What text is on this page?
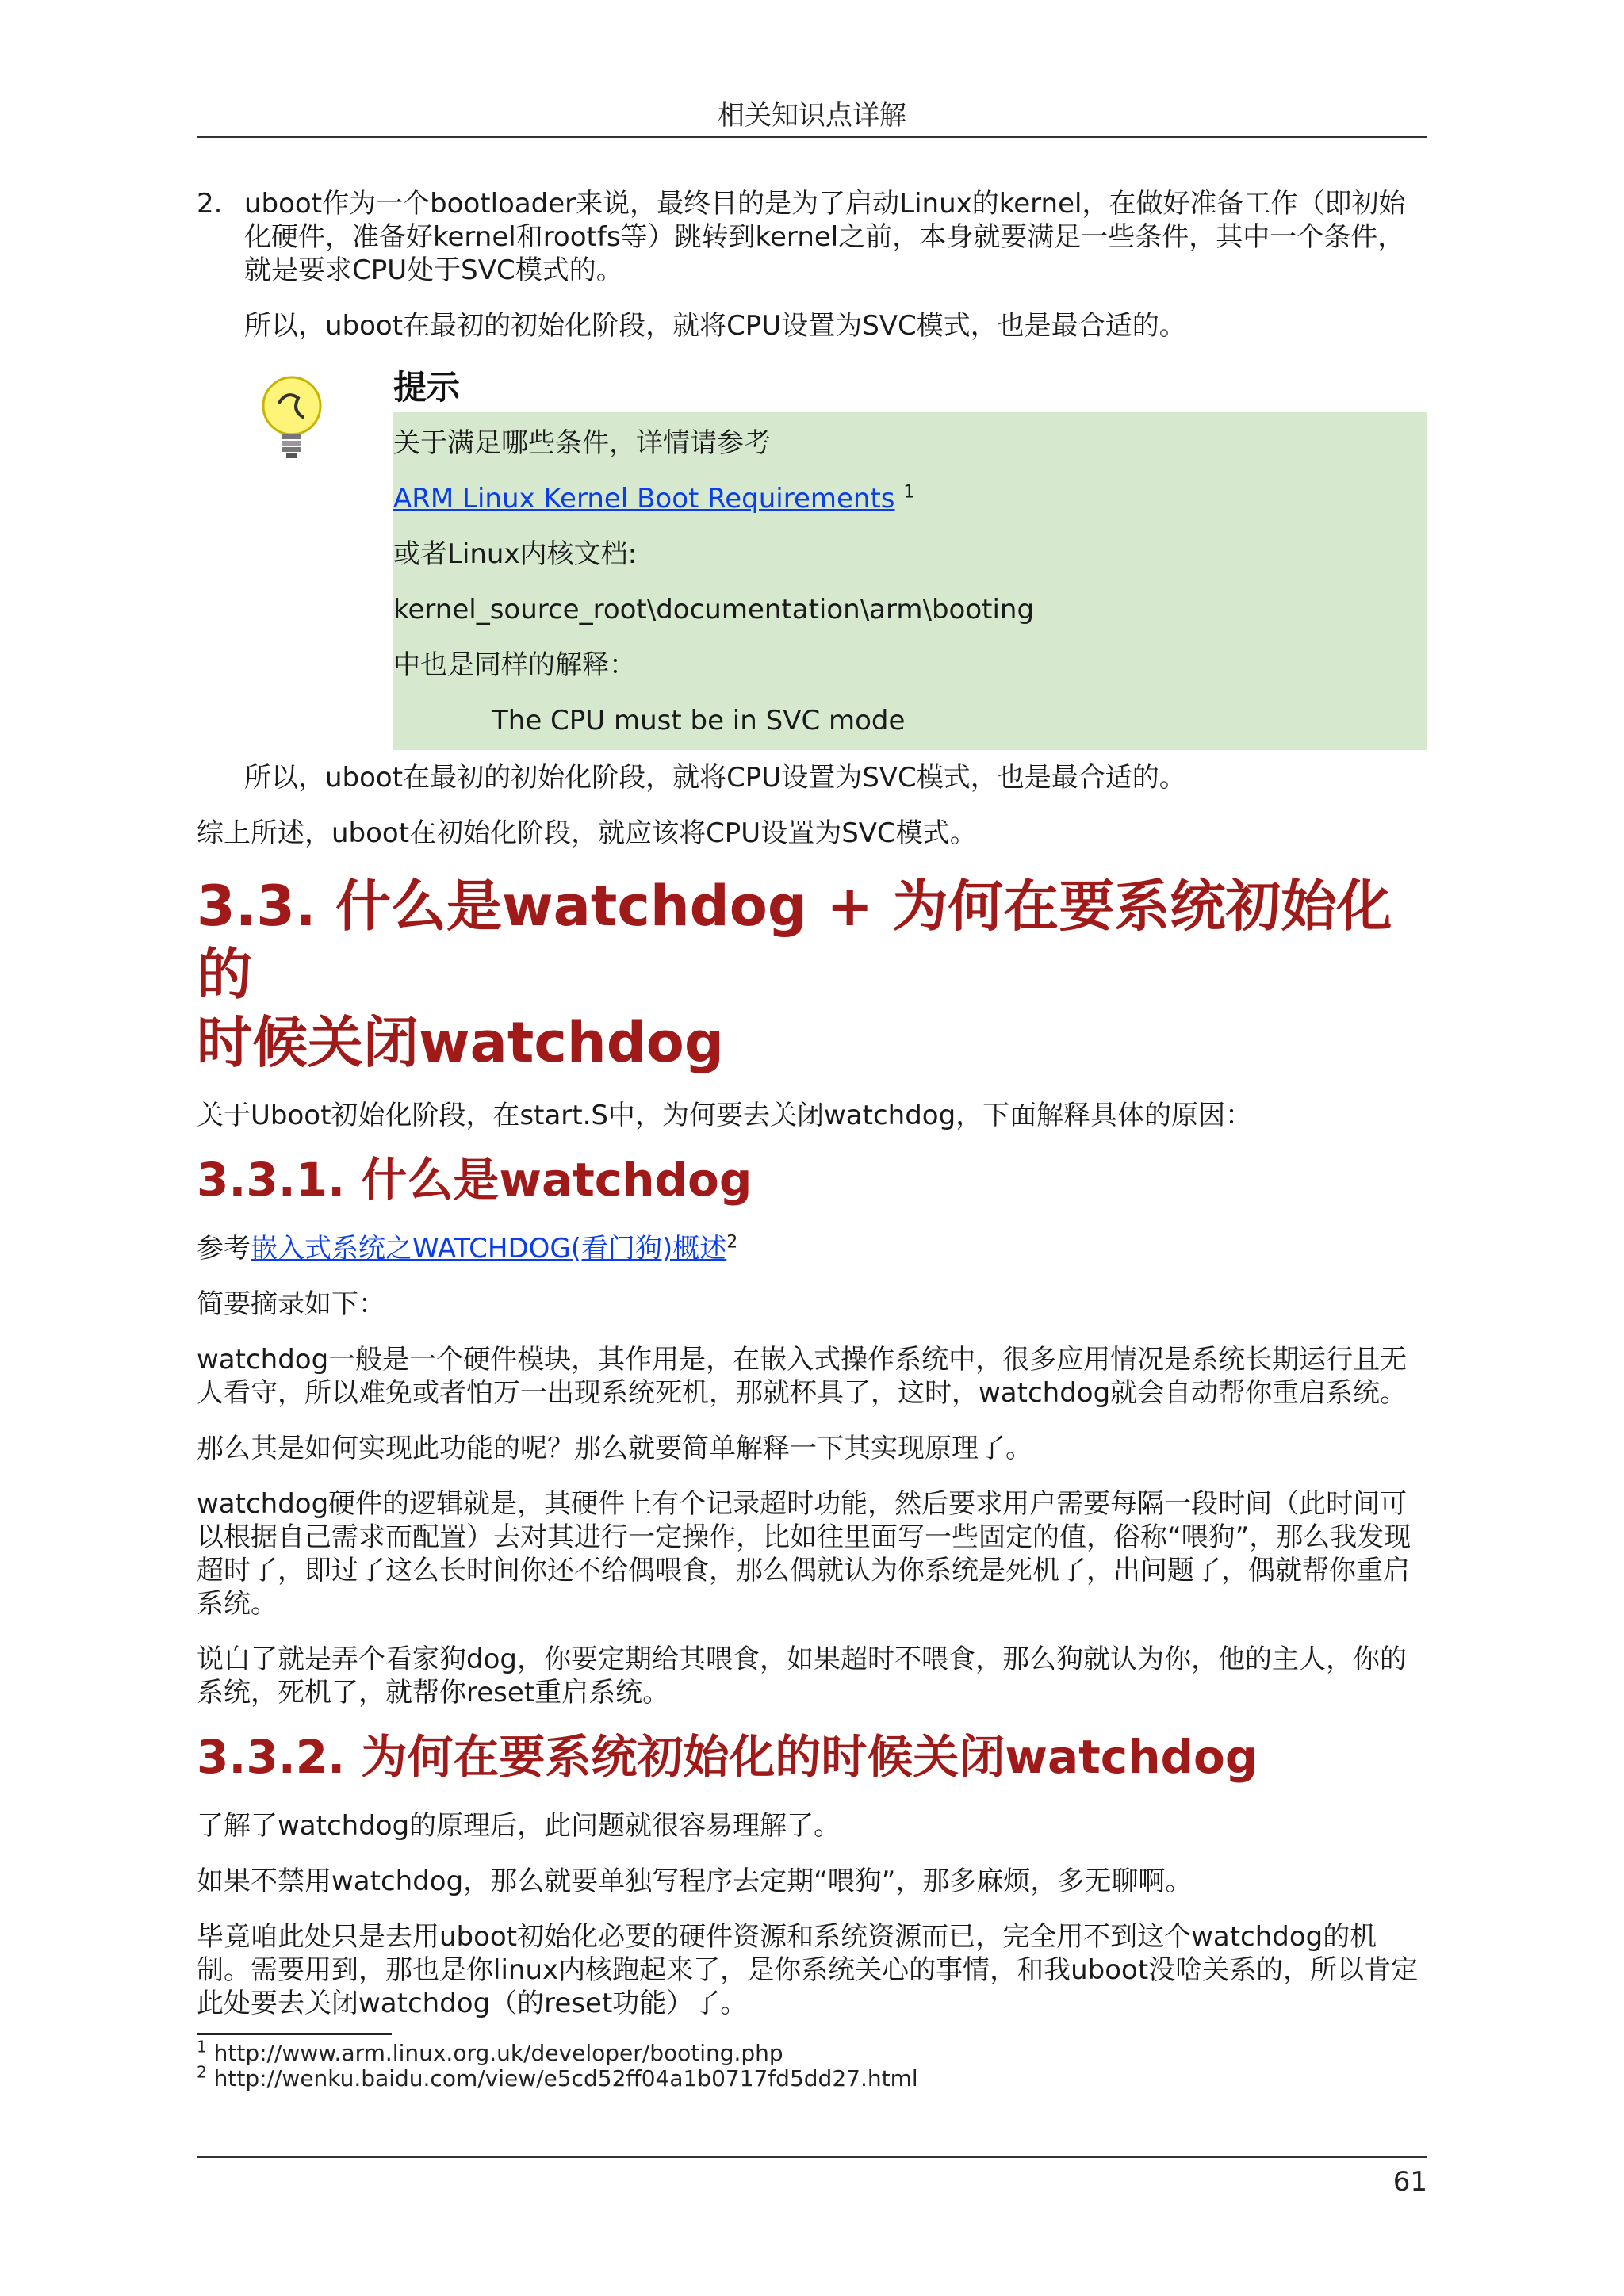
相关知识点详解
2. uboot作为一个bootloader来说，最终目的是为了启动Linux的kernel，在做好准备工作（即初始化硬件，准备好kernel和rootfs等）跳转到kernel之前，本身就要满足一些条件，其中一个条件，就是要求CPU处于SVC模式的。

所以，uboot在最初的初始化阶段，就将CPU设置为SVC模式，也是最合适的。

提示

关于满足哪些条件，详情请参考

ARM Linux Kernel Boot Requirements $^1$

或者Linux内核文档:

kernel_source_root\documentation\arm\booting

中也是同样的解释：

The CPU must be in SVC mode

所以，uboot在最初的初始化阶段，就将CPU设置为SVC模式，也是最合适的。

综上所述，uboot在初始化阶段，就应该将CPU设置为SVC模式。

3.3. 什么是watchdog + 为何在要系统初始化的
时候关闭watchdog

关于Uboot初始化阶段，在start.S中，为何要去关闭watchdog，下面解释具体的原因：

3.3.1. 什么是watchdog

参考嵌入式系统之WATCHDOG(看门狗)概述$^2$

简要摘录如下：

watchdog一般是一个硬件模块，其作用是，在嵌入式操作系统中，很多应用情况是系统长期运行且无人看守，所以难免或者怕万一出现系统死机，那就杯具了，这时，watchdog就会自动帮你重启系统。

那么其是如何实现此功能的呢？那么就要简单解释一下其实现原理了。

watchdog硬件的逻辑就是，其硬件上有个记录超时功能，然后要求用户需要每隔一段时间（此时间可以根据自己需求而配置）去对其进行一定操作，比如往里面写一些固定的值，俗称“喂狗”，那么我发现超时了，即过了这么长时间你还不给偶喂食，那么偶就认为你系统是死机了，出问题了，偶就帮你重启系统。

说白了就是弄个看家狗dog，你要定期给其喂食，如果超时不喂食，那么狗就认为你，他的主人，你的系统，死机了，就帮你reset重启系统。

3.3.2. 为何在要系统初始化的时候关闭watchdog

了解了watchdog的原理后，此问题就很容易理解了。

如果不禁用watchdog，那么就要单独写程序去定期“喂狗”，那多麻烦，多无聊啊。

毕竟咱此处只是去用uboot初始化必要的硬件资源和系统资源而已，完全用不到这个watchdog的机制。需要用到，那也是你linux内核跑起来了，是你系统关心的事情，和我uboot没啥关系的，所以肯定此处要去关闭watchdog（的reset功能）了。

$^1$ http://www.arm.linux.org.uk/developer/booting.php
$^2$ http://wenku.baidu.com/view/e5cd52ff04a1b0717fd5dd27.html
61
